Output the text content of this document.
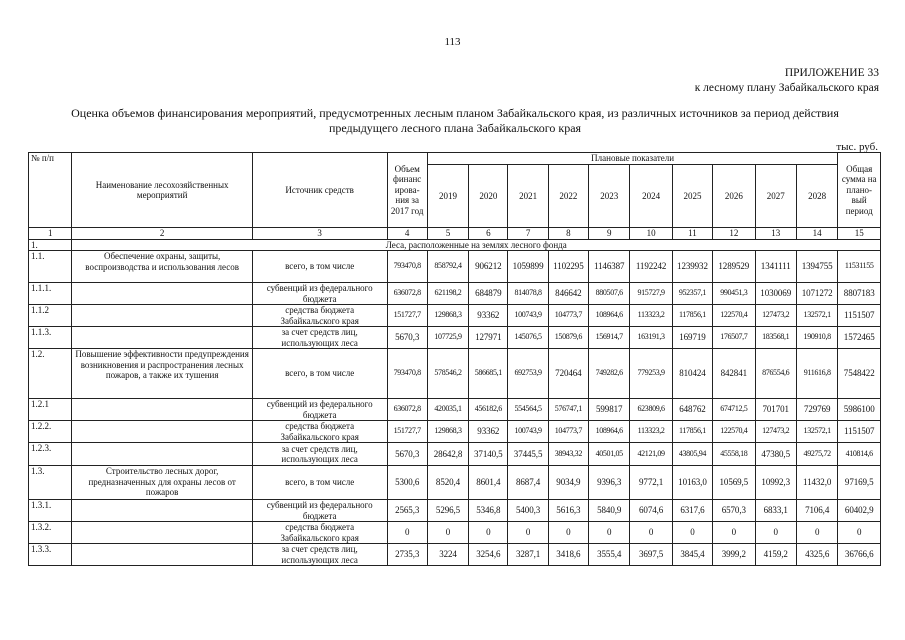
113
ПРИЛОЖЕНИЕ 33
к лесному плану Забайкальского края
Оценка объемов финансирования мероприятий, предусмотренных лесным планом Забайкальского края, из различных источников за период действия
предыдущего лесного плана Забайкальского края
тыс. руб.
№ п/п	Наименование лесохозяйственных мероприятий	Источник средств	Объем финанс ирова- ния за 2017 год	Плановые показатели										Общая сумма на плано- вый период
				2019	2020	2021	2022	2023	2024	2025	2026	2027	2028	
1	2	3	4	5	6	7	8	9	10	11	12	13	14	15
1.	Леса, расположенные на землях лесного фонда													
1.1.	Обеспечение охраны, защиты, воспроизводства и использования лесов	всего, в том числе	793470,8	858792,4	906212	1059899	1102295	1146387	1192242	1239932	1289529	1341111	1394755	11531155
1.1.1.		субвенций из федерального бюджета	636072,8	621198,2	684879	814078,8	846642	880507,6	915727,9	952357,1	990451,3	1030069	1071272	8807183
1.1.2		средства бюджета Забайкальского края	151727,7	129868,3	93362	100743,9	104773,7	108964,6	113323,2	117856,1	122570,4	127473,2	132572,1	1151507
1.1.3.		за счет средств лиц, использующих леса	5670,3	107725,9	127971	145076,5	150879,6	156914,7	163191,3	169719	176507,7	183568,1	190910,8	1572465
1.2.	Повышение эффективности предупреждения возникновения и распространения лесных пожаров, а также их тушения	всего, в том числе	793470,8	578546,2	586685,1	692753,9	720464	749282,6	779253,9	810424	842841	876554,6	911616,8	7548422
1.2.1		субвенций из федерального бюджета	636072,8	420035,1	456182,6	554564,5	576747,1	599817	623809,6	648762	674712,5	701701	729769	5986100
1.2.2.		средства бюджета Забайкальского края	151727,7	129868,3	93362	100743,9	104773,7	108964,6	113323,2	117856,1	122570,4	127473,2	132572,1	1151507
1.2.3.		за счет средств лиц, использующих леса	5670,3	28642,8	37140,5	37445,5	38943,32	40501,05	42121,09	43805,94	45558,18	47380,5	49275,72	410814,6
1.3.	Строительство лесных дорог, предназначенных для охраны лесов от пожаров	всего, в том числе	5300,6	8520,4	8601,4	8687,4	9034,9	9396,3	9772,1	10163,0	10569,5	10992,3	11432,0	97169,5
1.3.1.		субвенций из федерального бюджета	2565,3	5296,5	5346,8	5400,3	5616,3	5840,9	6074,6	6317,6	6570,3	6833,1	7106,4	60402,9
1.3.2.		средства бюджета Забайкальского края	0	0	0	0	0	0	0	0	0	0	0	0
1.3.3.		за счет средств лиц, использующих леса	2735,3	3224	3254,6	3287,1	3418,6	3555,4	3697,5	3845,4	3999,2	4159,2	4325,6	36766,6
